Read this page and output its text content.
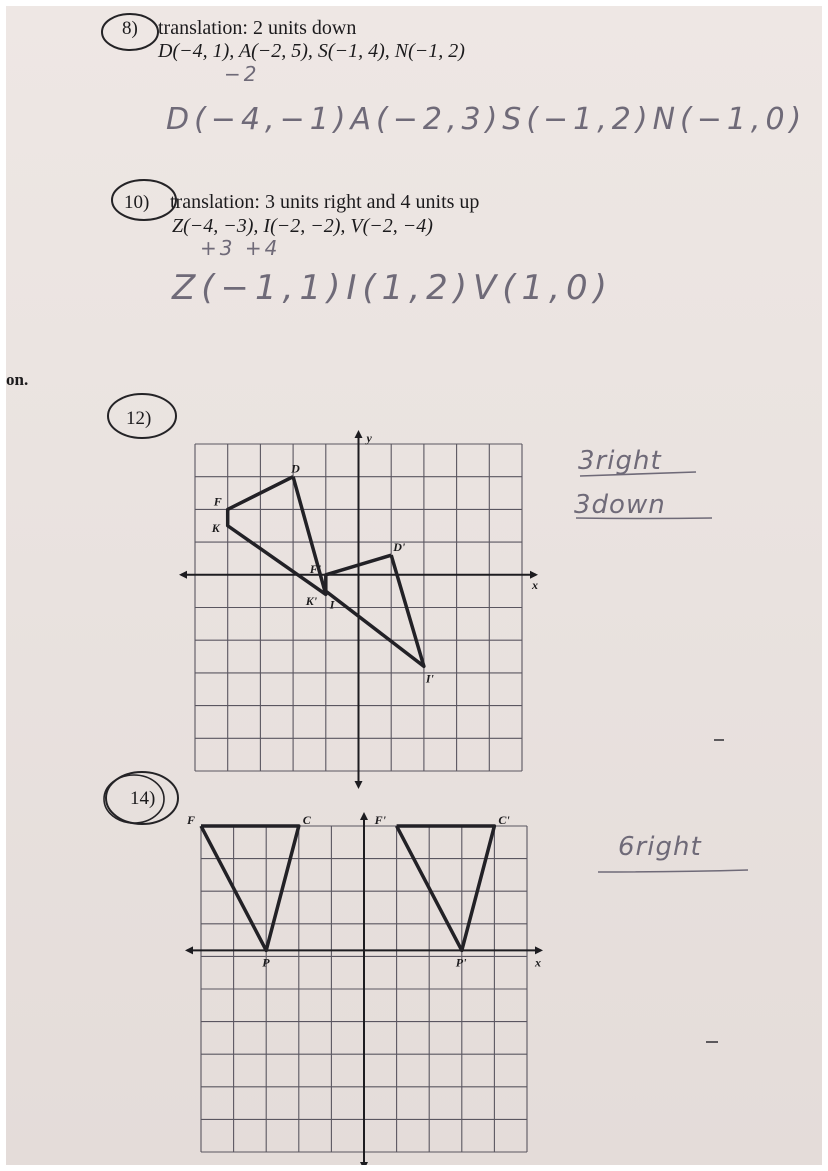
8) translation: 2 units down
D(−4, 1), A(−2, 5), S(−1, 4), N(−1, 2)
−2
D(−4,−1)A(−2,3)S(−1,2)N(−1,0)
10) translation: 3 units right and 4 units up
Z(−4, −3), I(−2, −2), V(−2, −4)
+3 +4
Z(−1,1)I(1,2)V(1,0)
on.
12)
3right
3down
14)
6right
x
y
D
F
K
D'
F'
K' I
I'
x
F	C
P
F'	C'
P'
